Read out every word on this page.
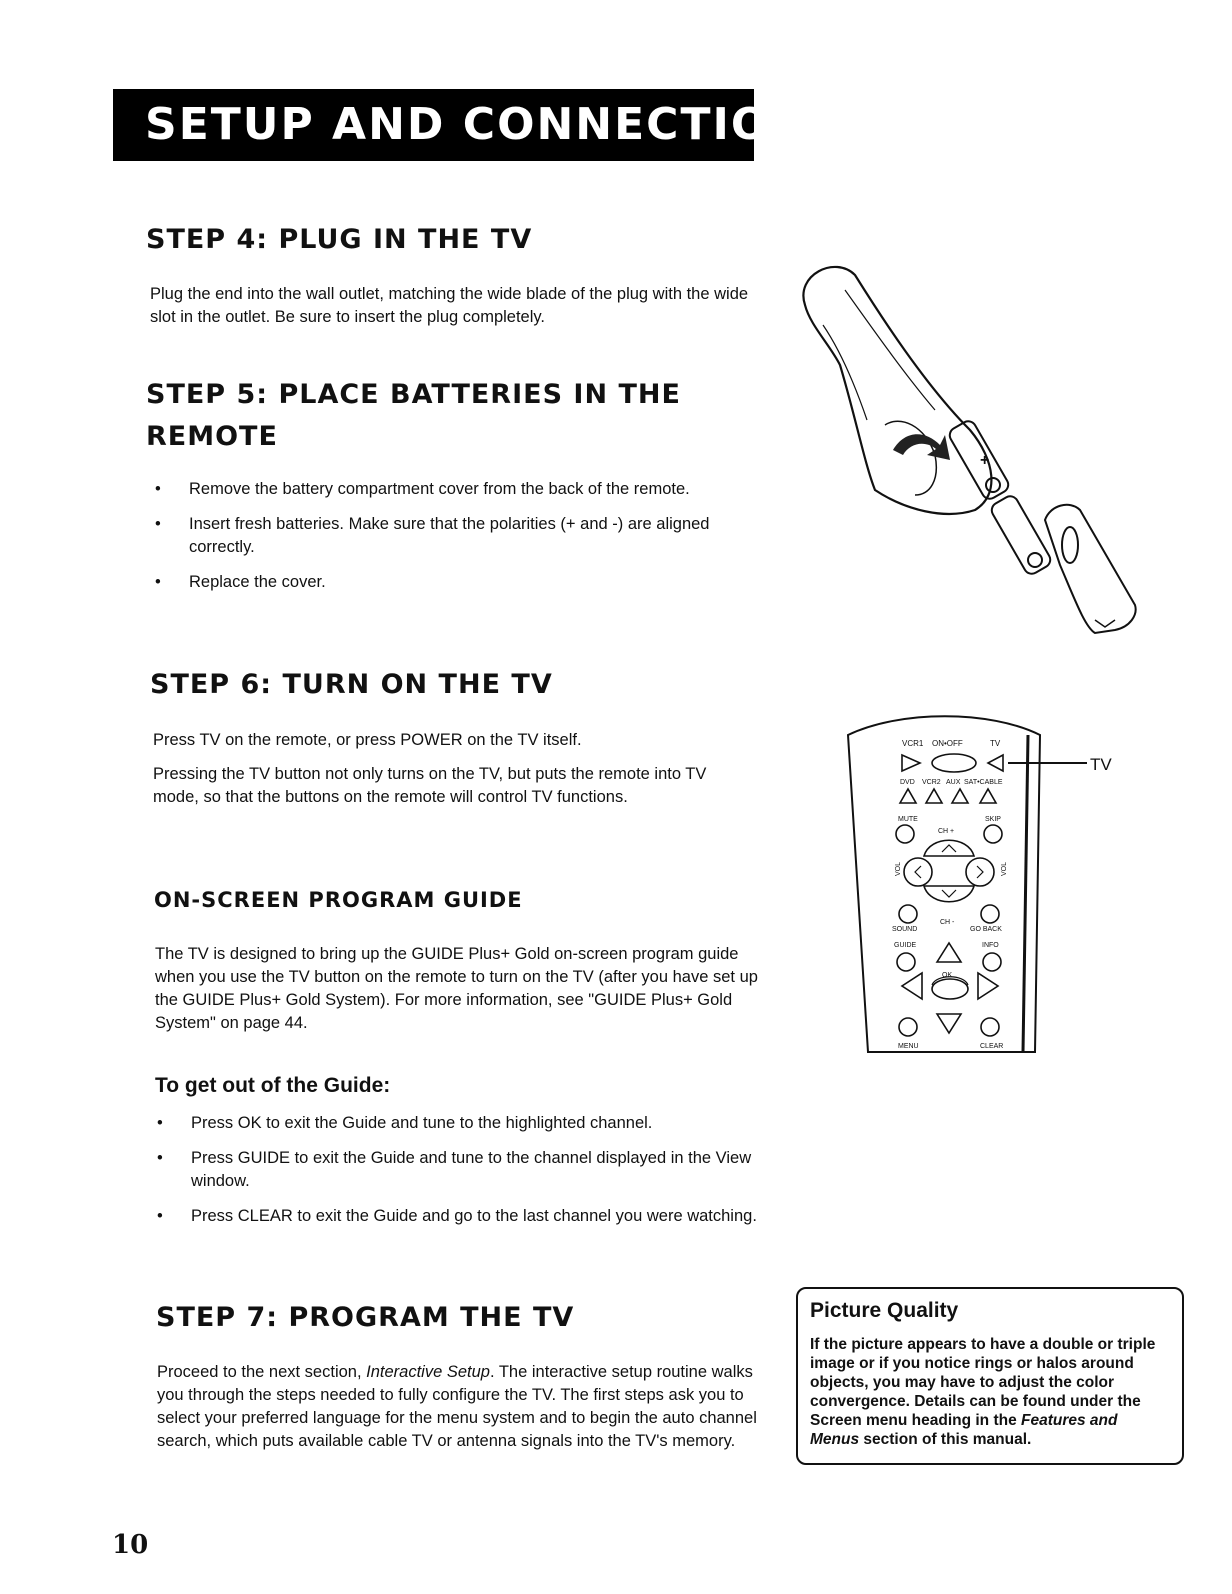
SETUP AND CONNECTIONS
STEP 4: PLUG IN THE TV

Plug the end into the wall outlet, matching the wide blade of the plug with the wide slot in the outlet. Be sure to insert the plug completely.

STEP 5: PLACE BATTERIES IN THE
REMOTE
• Remove the battery compartment cover from the back of the remote.
• Insert fresh batteries. Make sure that the polarities (+ and -) are aligned correctly.
• Replace the cover.
+
STEP 6: TURN ON THE TV

Press TV on the remote, or press POWER on the TV itself.

Pressing the TV button not only turns on the TV, but puts the remote into TV mode, so that the buttons on the remote will control TV functions.

VCR1 ON•OFF	TV
TV
DVD VCR2 AUX SAT•CABLE
MUTE	SKIP
CH +
VOL	VOL
CH -
SOUND	GO BACK
GUIDE	INFO
OK
MENU	CLEAR
ON-SCREEN PROGRAM GUIDE

The TV is designed to bring up the GUIDE Plus+ Gold on-screen program guide when you use the TV button on the remote to turn on the TV (after you have set up the GUIDE Plus+ Gold System). For more information, see "GUIDE Plus+ Gold System" on page 44.

To get out of the Guide:
• Press OK to exit the Guide and tune to the highlighted channel.
• Press GUIDE to exit the Guide and tune to the channel displayed in the View window.
• Press CLEAR to exit the Guide and go to the last channel you were watching.
STEP 7: PROGRAM THE TV

Proceed to the next section, Interactive Setup. The interactive setup routine walks you through the steps needed to fully configure the TV. The first steps ask you to select your preferred language for the menu system and to begin the auto channel search, which puts available cable TV or antenna signals into the TV's memory.

Picture Quality

If the picture appears to have a double or triple image or if you notice rings or halos around objects, you may have to adjust the color convergence. Details can be found under the Screen menu heading in the Features and Menus section of this manual.

10
